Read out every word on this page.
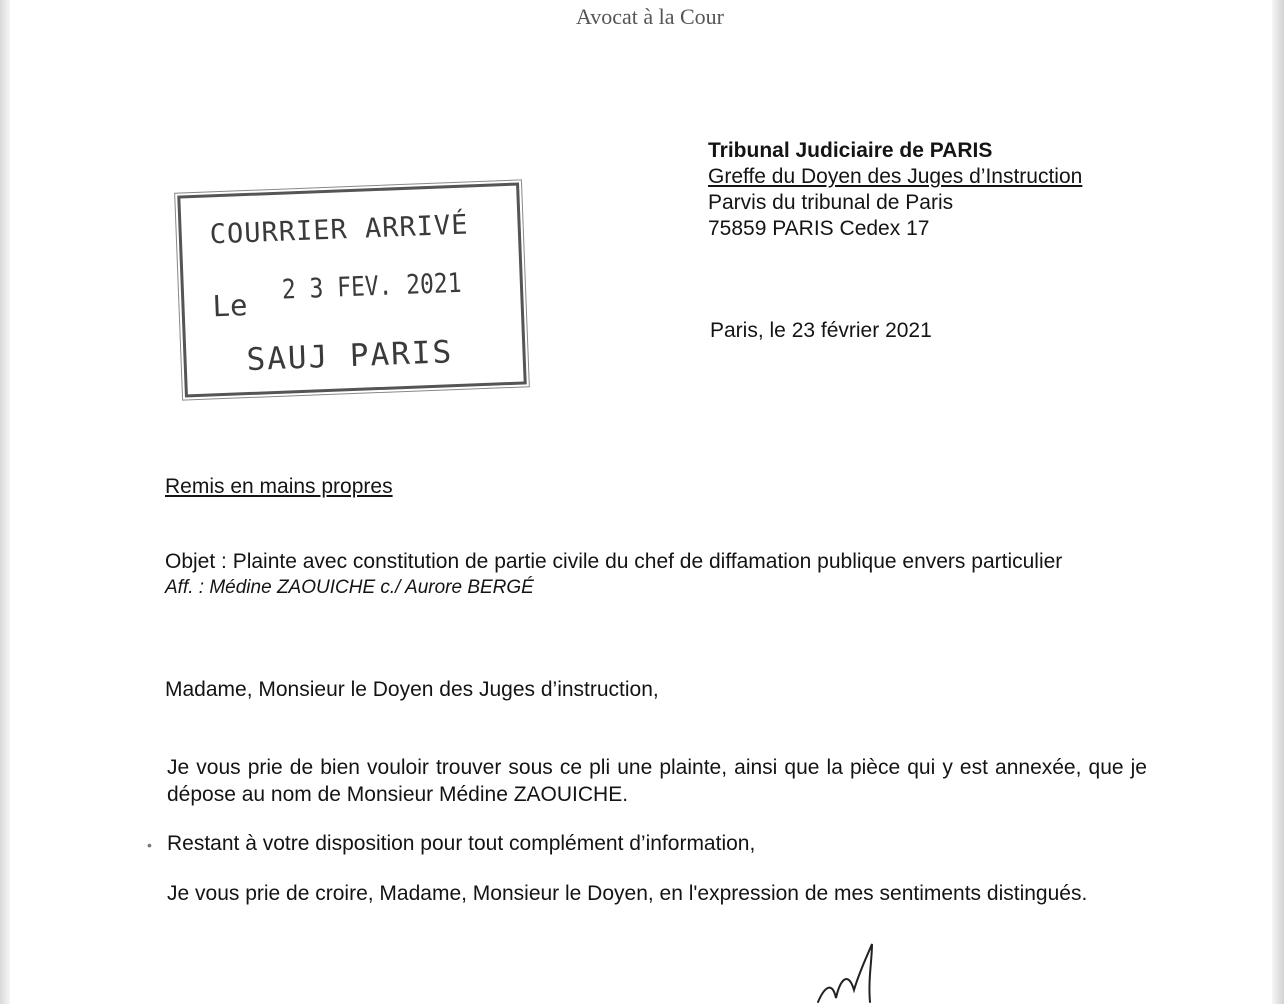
Avocat à la Cour
Tribunal Judiciaire de PARIS
Greffe du Doyen des Juges d’Instruction
Parvis du tribunal de Paris
75859 PARIS Cedex 17
COURRIER ARRIVÉ
Le
2 3 FEV. 2021
SAUJ PARIS
Paris, le 23 février 2021
Remis en mains propres
Objet : Plainte avec constitution de partie civile du chef de diffamation publique envers particulier
Aff. : Médine ZAOUICHE c./ Aurore BERGÉ
Madame, Monsieur le Doyen des Juges d’instruction,
Je vous prie de bien vouloir trouver sous ce pli une plainte, ainsi que la pièce qui y est annexée, que je dépose au nom de Monsieur Médine ZAOUICHE.
• Restant à votre disposition pour tout complément d’information,
Je vous prie de croire, Madame, Monsieur le Doyen, en l'expression de mes sentiments distingués.
